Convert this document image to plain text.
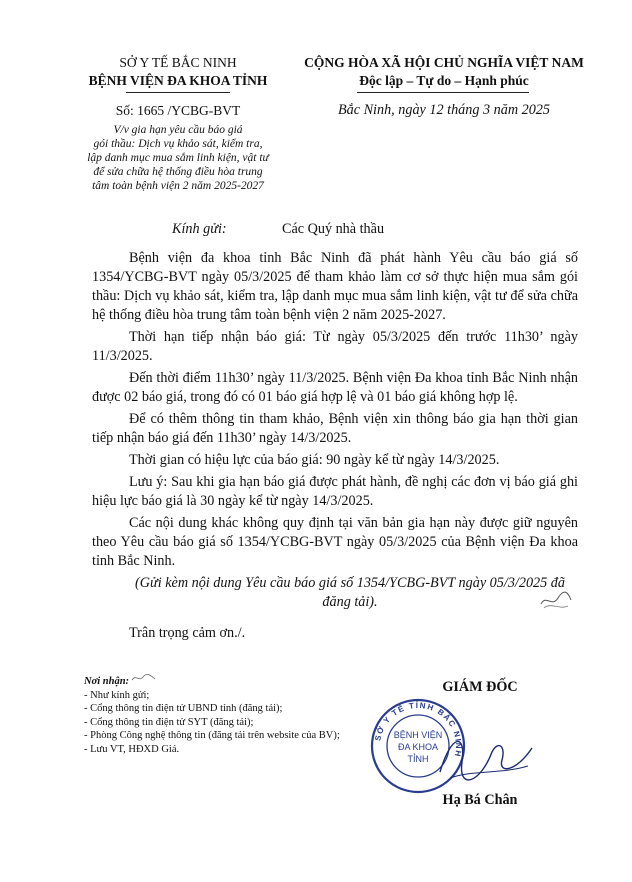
SỞ Y TẾ BẮC NINH
BỆNH VIỆN ĐA KHOA TỈNH
Số: 1665 /YCBG-BVT
V/v gia hạn yêu cầu báo giá
gói thầu: Dịch vụ khảo sát, kiểm tra,
lập danh mục mua sắm linh kiện, vật tư
để sửa chữa hệ thống điều hòa trung
tâm toàn bệnh viện 2 năm 2025-2027
CỘNG HÒA XÃ HỘI CHỦ NGHĨA VIỆT NAM
Độc lập – Tự do – Hạnh phúc
Bắc Ninh, ngày 12 tháng 3 năm 2025
Kính gửi:	Các Quý nhà thầu

Bệnh viện đa khoa tỉnh Bắc Ninh đã phát hành Yêu cầu báo giá số 1354/YCBG-BVT ngày 05/3/2025 để tham khảo làm cơ sở thực hiện mua sắm gói thầu: Dịch vụ khảo sát, kiểm tra, lập danh mục mua sắm linh kiện, vật tư để sửa chữa hệ thống điều hòa trung tâm toàn bệnh viện 2 năm 2025-2027.

Thời hạn tiếp nhận báo giá: Từ ngày 05/3/2025 đến trước 11h30’ ngày 11/3/2025.

Đến thời điểm 11h30’ ngày 11/3/2025. Bệnh viện Đa khoa tỉnh Bắc Ninh nhận được 02 báo giá, trong đó có 01 báo giá hợp lệ và 01 báo giá không hợp lệ.

Để có thêm thông tin tham khảo, Bệnh viện xin thông báo gia hạn thời gian tiếp nhận báo giá đến 11h30’ ngày 14/3/2025.

Thời gian có hiệu lực của báo giá: 90 ngày kể từ ngày 14/3/2025.

Lưu ý: Sau khi gia hạn báo giá được phát hành, đề nghị các đơn vị báo giá ghi hiệu lực báo giá là 30 ngày kể từ ngày 14/3/2025.

Các nội dung khác không quy định tại văn bản gia hạn này được giữ nguyên theo Yêu cầu báo giá số 1354/YCBG-BVT ngày 05/3/2025 của Bệnh viện Đa khoa tỉnh Bắc Ninh.

(Gửi kèm nội dung Yêu cầu báo giá số 1354/YCBG-BVT ngày 05/3/2025 đã đăng tải).

Trân trọng cảm ơn./.

Nơi nhận:
- Như kính gửi;
- Cổng thông tin điện tử UBND tỉnh (đăng tải);
- Cổng thông tin điện tử SYT (đăng tải);
- Phòng Công nghệ thông tin (đăng tải trên website của BV);
- Lưu VT, HĐXD Giá.
GIÁM ĐỐC
SỞ Y TẾ TỈNH BẮC NINH
BỆNH VIỆN
ĐA KHOA
TỈNH
Hạ Bá Chân
